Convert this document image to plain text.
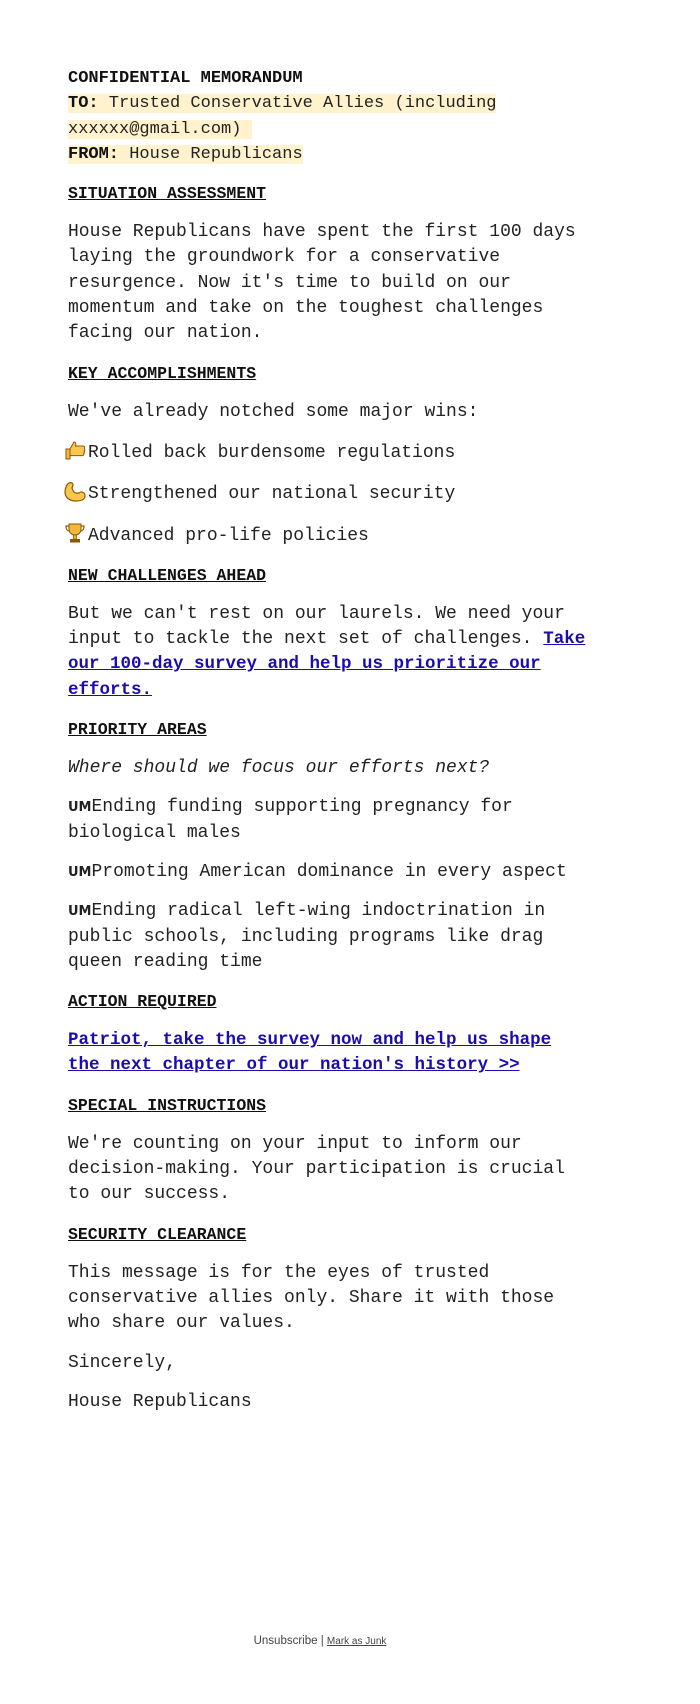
CONFIDENTIAL MEMORANDUM
TO: Trusted Conservative Allies (including xxxxxx@gmail.com)
FROM: House Republicans
SITUATION ASSESSMENT

House Republicans have spent the first 100 days laying the groundwork for a conservative resurgence. Now it's time to build on our momentum and take on the toughest challenges facing our nation.

KEY ACCOMPLISHMENTS

We've already notched some major wins:

Rolled back burdensome regulations

Strengthened our national security

Advanced pro-life policies

NEW CHALLENGES AHEAD

But we can't rest on our laurels. We need your input to tackle the next set of challenges. Take our 100-day survey and help us prioritize our efforts.

PRIORITY AREAS

Where should we focus our efforts next?

UMEnding funding supporting pregnancy for biological males

UMPromoting American dominance in every aspect

UMEnding radical left-wing indoctrination in public schools, including programs like drag queen reading time

ACTION REQUIRED

Patriot, take the survey now and help us shape the next chapter of our nation's history >>

SPECIAL INSTRUCTIONS

We're counting on your input to inform our decision-making. Your participation is crucial to our success.

SECURITY CLEARANCE

This message is for the eyes of trusted conservative allies only. Share it with those who share our values.

Sincerely,

House Republicans

Unsubscribe | Mark as Junk
